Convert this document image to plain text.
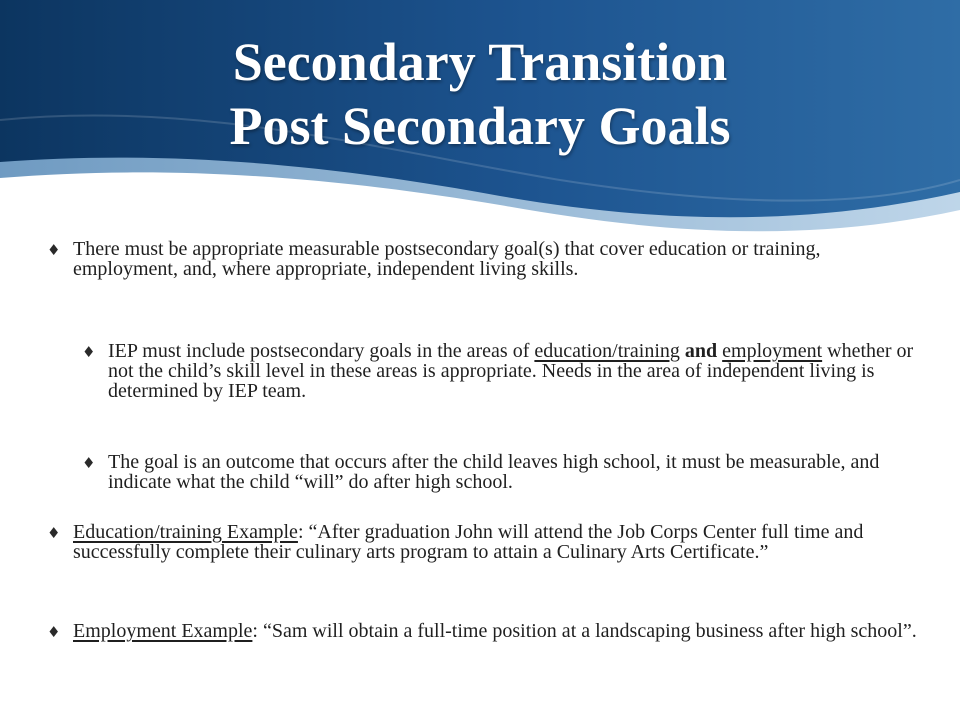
Secondary Transition
Post Secondary Goals
♦ There must be appropriate measurable postsecondary goal(s) that cover education or training, employment, and, where appropriate, independent living skills.
♦ IEP must include postsecondary goals in the areas of education/training and employment whether or not the child’s skill level in these areas is appropriate. Needs in the area of independent living is determined by IEP team.
♦ The goal is an outcome that occurs after the child leaves high school, it must be measurable, and indicate what the child “will” do after high school.
♦ Education/training Example: “After graduation John will attend the Job Corps Center full time and successfully complete their culinary arts program to attain a Culinary Arts Certificate.”
♦ Employment Example: “Sam will obtain a full-time position at a landscaping business after high school”.
